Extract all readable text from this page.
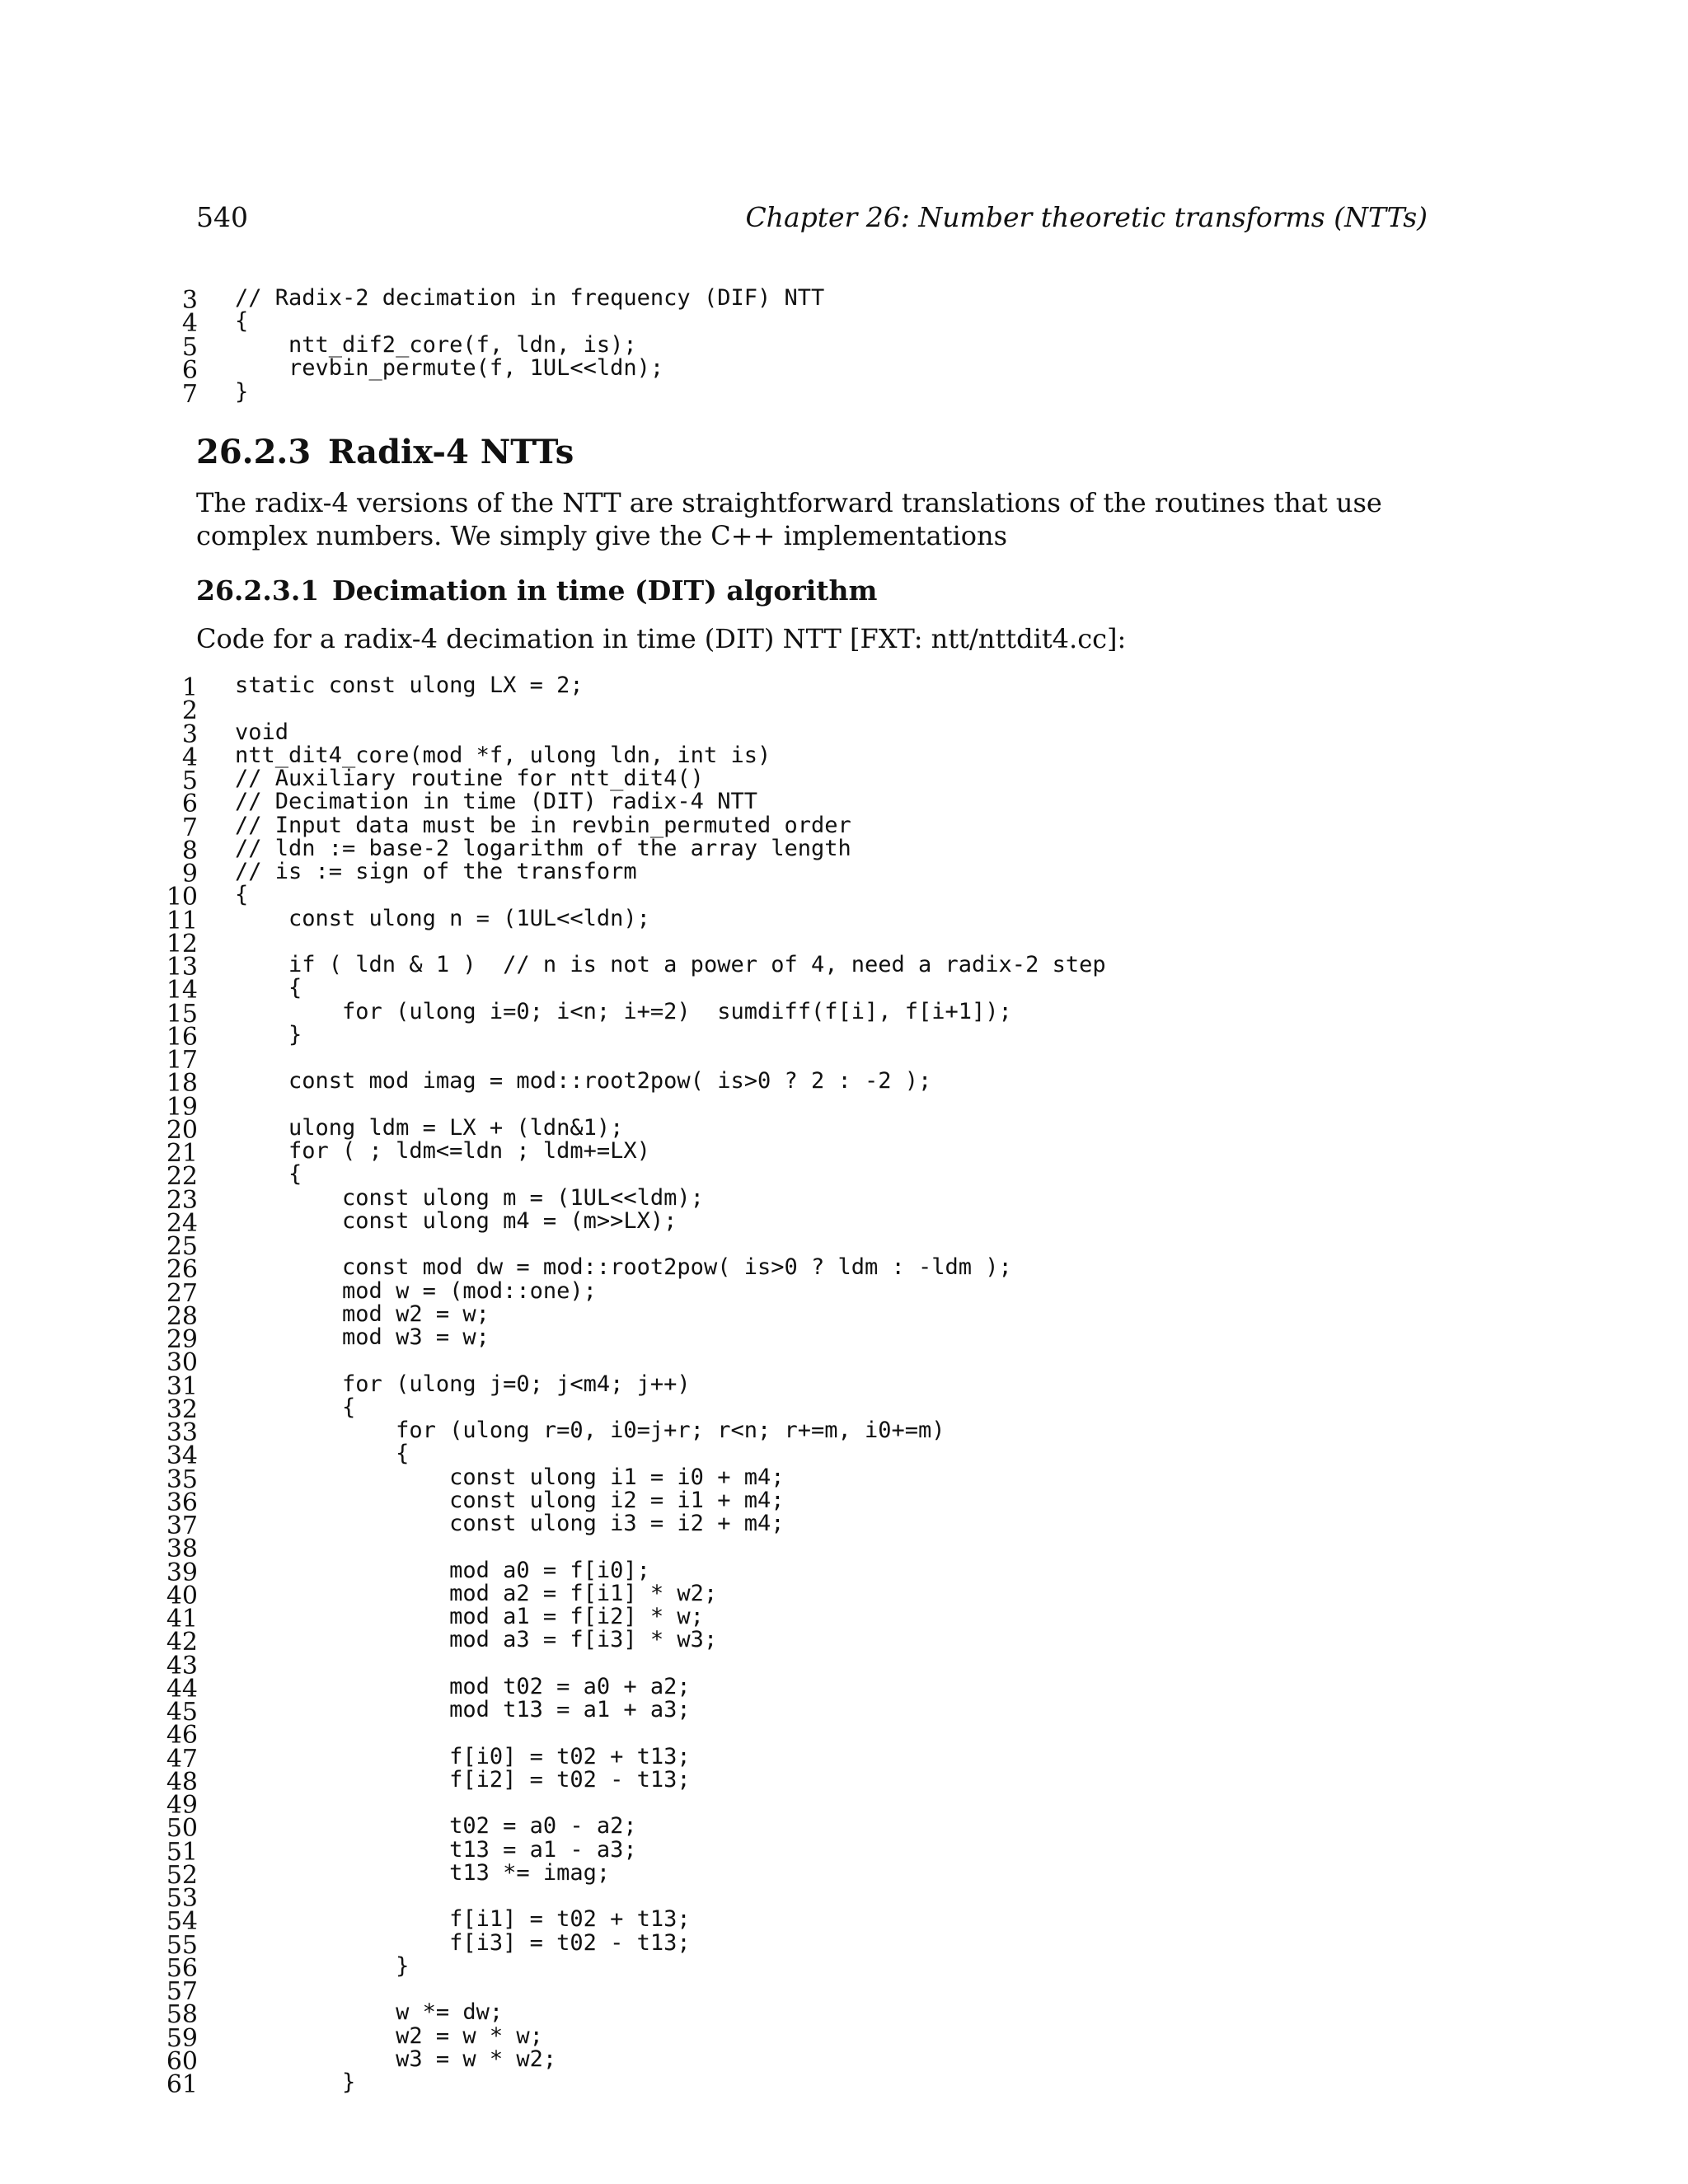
540	Chapter 26: Number theoretic transforms (NTTs)
3 // Radix-2 decimation in frequency (DIF) NTT
4 {
5 ntt_dif2_core(f, ldn, is);
6 revbin_permute(f, 1UL<<ldn);
7 }
26.2.3 Radix-4 NTTs
The radix-4 versions of the NTT are straightforward translations of the routines that use complex numbers. We simply give the C++ implementations
26.2.3.1 Decimation in time (DIT) algorithm
Code for a radix-4 decimation in time (DIT) NTT [FXT: ntt/nttdit4.cc]:
1 static const ulong LX = 2;
2
3 void
4 ntt_dit4_core(mod *f, ulong ldn, int is)
5 // Auxiliary routine for ntt_dit4()
6 // Decimation in time (DIT) radix-4 NTT
7 // Input data must be in revbin_permuted order
8 // ldn := base-2 logarithm of the array length
9 // is := sign of the transform
10 {
11 const ulong n = (1UL<<ldn);
12
13 if ( ldn & 1 )  // n is not a power of 4, need a radix-2 step
14 {
15 for (ulong i=0; i<n; i+=2)  sumdiff(f[i], f[i+1]);
16 }
17
18 const mod imag = mod::root2pow( is>0 ? 2 : -2 );
19
20 ulong ldm = LX + (ldn&1);
21 for ( ; ldm<=ldn ; ldm+=LX)
22 {
23 const ulong m = (1UL<<ldm);
24 const ulong m4 = (m>>LX);
25
26 const mod dw = mod::root2pow( is>0 ? ldm : -ldm );
27 mod w = (mod::one);
28 mod w2 = w;
29 mod w3 = w;
30
31 for (ulong j=0; j<m4; j++)
32 {
33 for (ulong r=0, i0=j+r; r<n; r+=m, i0+=m)
34 {
35 const ulong i1 = i0 + m4;
36 const ulong i2 = i1 + m4;
37 const ulong i3 = i2 + m4;
38
39 mod a0 = f[i0];
40 mod a2 = f[i1] * w2;
41 mod a1 = f[i2] * w;
42 mod a3 = f[i3] * w3;
43
44 mod t02 = a0 + a2;
45 mod t13 = a1 + a3;
46
47 f[i0] = t02 + t13;
48 f[i2] = t02 - t13;
49
50 t02 = a0 - a2;
51 t13 = a1 - a3;
52 t13 *= imag;
53
54 f[i1] = t02 + t13;
55 f[i3] = t02 - t13;
56 }
57
58 w *= dw;
59 w2 = w * w;
60 w3 = w * w2;
61 }
